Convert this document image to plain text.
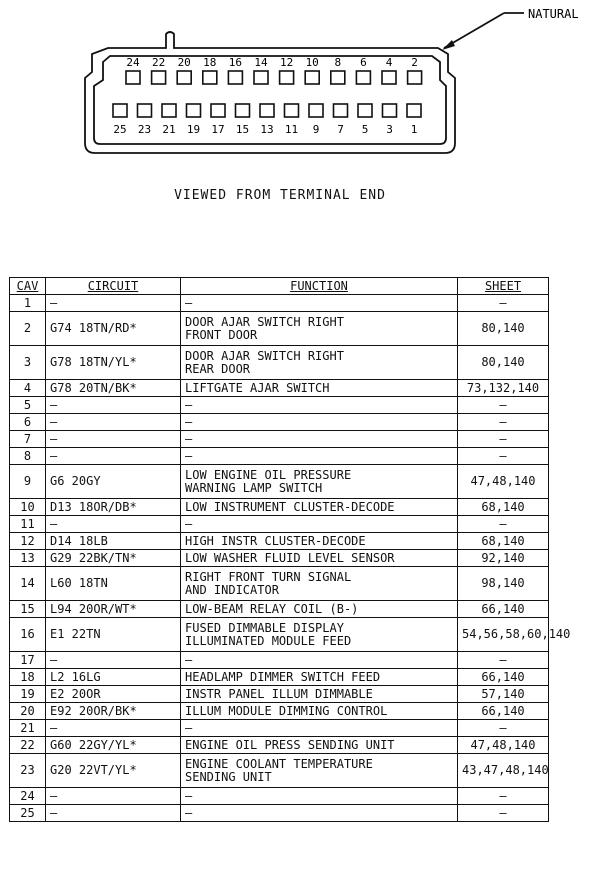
NATURAL
24 22 20 18 16 14 12 10 8 6 4 2
25 23 21 19 17 15 13 11 9 7 5 3 1
VIEWED FROM TERMINAL END
CAV	CIRCUIT	FUNCTION	SHEET
1	—	—	—
2	G74 18TN/RD*	DOOR AJAR SWITCH RIGHT
FRONT DOOR	80,140
3	G78 18TN/YL*	DOOR AJAR SWITCH RIGHT
REAR DOOR	80,140
4	G78 20TN/BK*	LIFTGATE AJAR SWITCH	73,132,140
5	—	—	—
6	—	—	—
7	—	—	—
8	—	—	—
9	G6 20GY	LOW ENGINE OIL PRESSURE
WARNING LAMP SWITCH	47,48,140
10	D13 18OR/DB*	LOW INSTRUMENT CLUSTER-DECODE	68,140
11	—	—	—
12	D14 18LB	HIGH INSTR CLUSTER-DECODE	68,140
13	G29 22BK/TN*	LOW WASHER FLUID LEVEL SENSOR	92,140
14	L60 18TN	RIGHT FRONT TURN SIGNAL
AND INDICATOR	98,140
15	L94 20OR/WT*	LOW-BEAM RELAY COIL (B-)	66,140
16	E1 22TN	FUSED DIMMABLE DISPLAY
ILLUMINATED MODULE FEED	54,56,58,60,140
17	—	—	—
18	L2 16LG	HEADLAMP DIMMER SWITCH FEED	66,140
19	E2 20OR	INSTR PANEL ILLUM DIMMABLE	57,140
20	E92 20OR/BK*	ILLUM MODULE DIMMING CONTROL	66,140
21	—	—	—
22	G60 22GY/YL*	ENGINE OIL PRESS SENDING UNIT	47,48,140
23	G20 22VT/YL*	ENGINE COOLANT TEMPERATURE
SENDING UNIT	43,47,48,140
24	—	—	—
25	—	—	—
